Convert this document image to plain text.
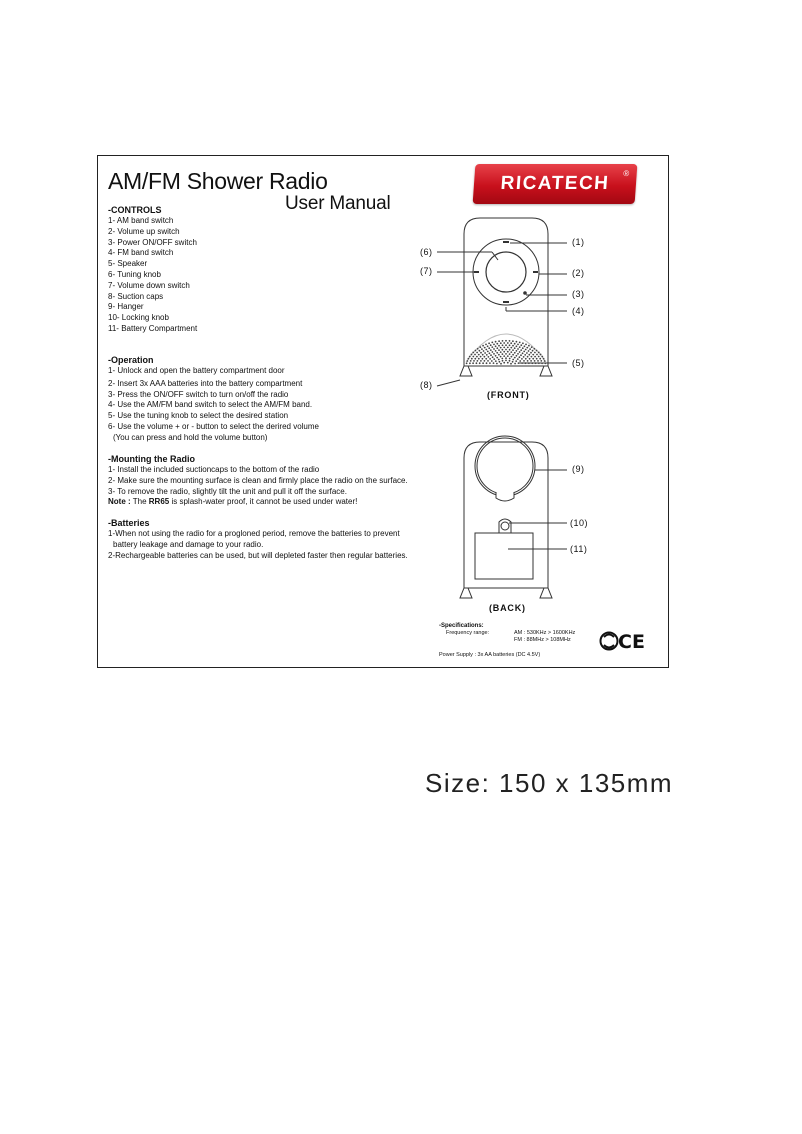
AM/FM Shower Radio
User Manual
RICATECH ®
-CONTROLS
1- AM band switch
2- Volume up switch
3- Power ON/OFF switch
4- FM band switch
5- Speaker
6- Tuning knob
7- Volume down switch
8- Suction caps
9- Hanger
10- Locking knob
11- Battery Compartment
-Operation
1- Unlock and open the battery compartment door
2- Insert 3x AAA batteries into the battery compartment
3- Press the ON/OFF switch to turn on/off the radio
4- Use the AM/FM band switch to select the AM/FM band.
5- Use the tuning knob to select the desired station
6- Use the volume + or - button to select the derired volume
(You can press and hold the volume button)
-Mounting the Radio
1- Install the included suctioncaps to the bottom of the radio
2- Make sure the mounting surface is clean and firmly place the radio on the surface.
3- To remove the radio, slightly tilt the unit and pull it off the surface.
Note : The RR65 is splash-water proof, it cannot be used under water!
-Batteries
1-When not using the radio for a progloned period, remove the batteries to prevent
battery leakage and damage to your radio.
2-Rechargeable batteries can be used, but will depleted faster then regular batteries.
(1)
(2)
(3)
(4)
(5)
(6)
(7)
(8)
(9)
(10)
(11)
(FRONT)
(BACK)
-Specifications:
Frequency range:	AM : 530KHz > 1600KHz
FM : 88MHz > 108MHz
Power Supply : 3x AA batteries (DC 4.5V)
CE
Size: 150 x 135mm
